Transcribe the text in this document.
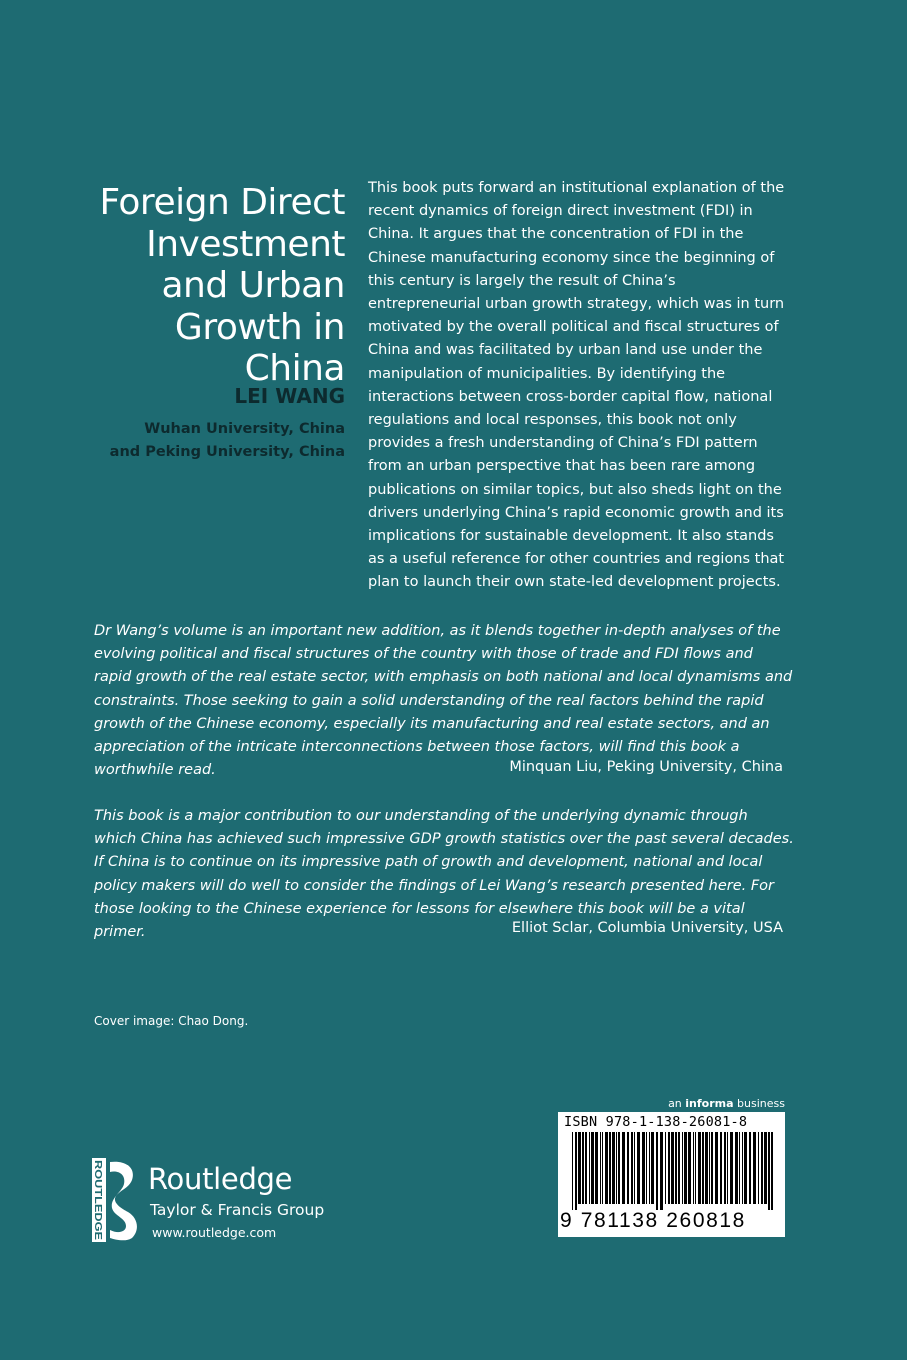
Foreign Direct
Investment
and Urban
Growth in
China
LEI WANG
Wuhan University, China
and Peking University, China

This book puts forward an institutional explanation of the recent dynamics of foreign direct investment (FDI) in China. It argues that the concentration of FDI in the Chinese manufacturing economy since the beginning of this century is largely the result of China’s entrepreneurial urban growth strategy, which was in turn motivated by the overall political and fiscal structures of China and was facilitated by urban land use under the manipulation of municipalities. By identifying the interactions between cross-border capital flow, national regulations and local responses, this book not only provides a fresh understanding of China’s FDI pattern from an urban perspective that has been rare among publications on similar topics, but also sheds light on the drivers underlying China’s rapid economic growth and its implications for sustainable development. It also stands as a useful reference for other countries and regions that plan to launch their own state-led development projects.

Dr Wang’s volume is an important new addition, as it blends together in-depth analyses of the evolving political and fiscal structures of the country with those of trade and FDI flows and rapid growth of the real estate sector, with emphasis on both national and local dynamisms and constraints. Those seeking to gain a solid understanding of the real factors behind the rapid growth of the Chinese economy, especially its manufacturing and real estate sectors, and an appreciation of the intricate interconnections between those factors, will find this book a worthwhile read.	Minquan Liu, Peking University, China

This book is a major contribution to our understanding of the underlying dynamic through which China has achieved such impressive GDP growth statistics over the past several decades. If China is to continue on its impressive path of growth and development, national and local policy makers will do well to consider the findings of Lei Wang’s research presented here. For those looking to the Chinese experience for lessons for elsewhere this book will be a vital primer.	Elliot Sclar, Columbia University, USA
Cover image: Chao Dong.
ROUTLEDGE Routledge
Taylor & Francis Group
www.routledge.com
an informa business
ISBN 978-1-138-26081-8
9 781138 260818
